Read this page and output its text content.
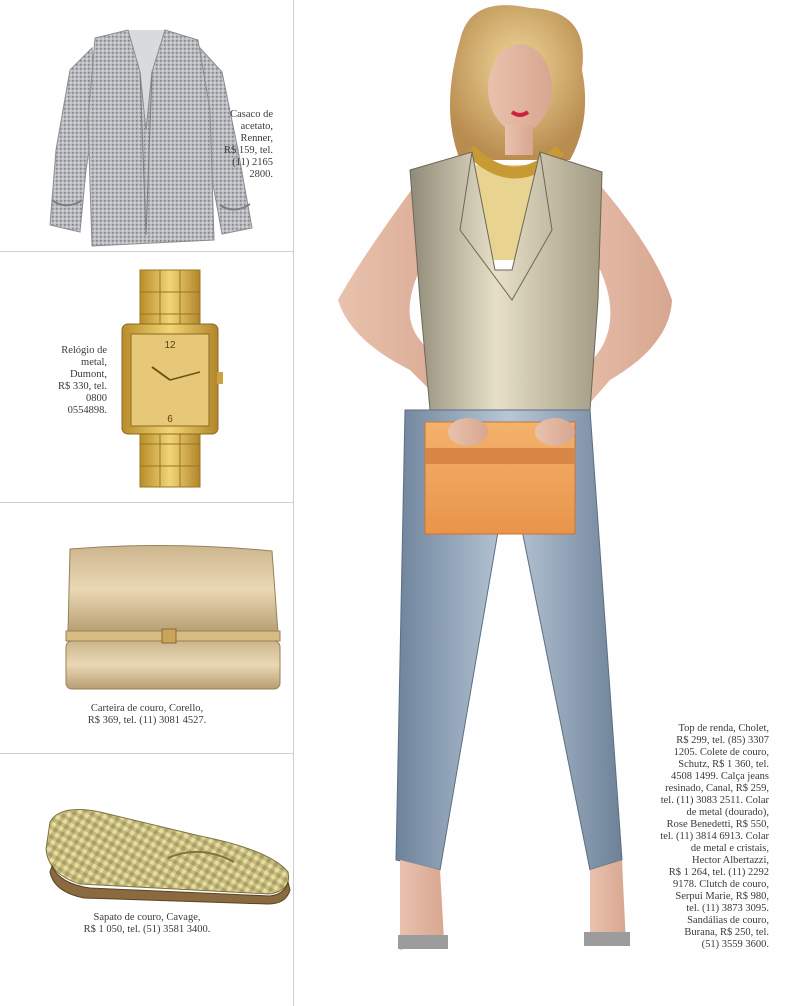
Casaco de
acetato,
Renner,
R$ 159, tel.
(11) 2165
2800.
12
6
Relógio de
metal,
Dumont,
R$ 330, tel.
0800
0554898.
Carteira de couro, Corello,
R$ 369, tel. (11) 3081 4527.
Sapato de couro, Cavage,
R$ 1 050, tel. (51) 3581 3400.
Top de renda, Cholet,
R$ 299, tel. (85) 3307
1205. Colete de couro,
Schutz, R$ 1 360, tel.
4508 1499. Calça jeans
resinado, Canal, R$ 259,
tel. (11) 3083 2511. Colar
de metal (dourado),
Rose Benedetti, R$ 550,
tel. (11) 3814 6913. Colar
de metal e cristais,
Hector Albertazzi,
R$ 1 264, tel. (11) 2292
9178. Clutch de couro,
Serpui Marie, R$ 980,
tel. (11) 3873 3095.
Sandálias de couro,
Burana, R$ 250, tel.
(51) 3559 3600.
